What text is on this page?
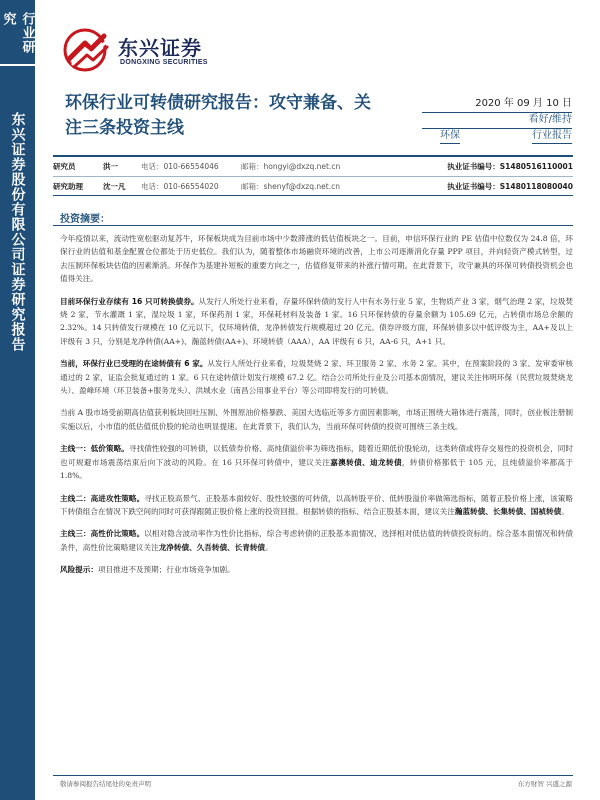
行业研究
东兴证券股份有限公司证券研究报告
东兴证券
DONGXING SECURITIES
环保行业可转债研究报告：攻守兼备、关注三条投资主线
2020 年 09 月 10 日
看好/维持
环保	行业报告
研究员	洪一	电话：010-66554046	邮箱：hongyi@dxzq.net.cn	执业证书编号：S1480516110001
研究助理	沈一凡	电话：010-66554020	邮箱：shenyf@dxzq.net.cn	执业证书编号：S1480118080040
投资摘要：

今年疫情以来，流动性宽松驱动复苏牛，环保板块成为目前市场中少数滞涨的低估值板块之一。目前，申信环保行业的 PE 估值中位数仅为 24.8 倍，环保行业的估值和基金配置仓位都处于历史低位。我们认为，随着整体市场融资环境的改善，上市公司逐渐消化存量 PPP 项目，并向轻资产模式转型，过去压制环保板块估值的因素渐消。环保作为基建补短板的重要方向之一，估值修复带来的补涨行情可期。在此背景下，攻守兼具的环保可转债投资机会也值得关注。

目前环保行业存续有 16 只可转换债券。从发行人所处行业来看，存量环保转债的发行人中有水务行业 5 家，生物质产业 3 家，烟气治理 2 家，垃圾焚烧 2 家，节水灌溉 1 家，湿垃圾 1 家，环保药剂 1 家，环保耗材料及装备 1 家。16 只环保转债的存量余额为 105.69 亿元，占转债市场总余额的 2.32%。14 只转债发行规模在 10 亿元以下，仅环境转债、龙净转债发行规模超过 20 亿元。债券评级方面，环保转债多以中低评级为主，AA+及以上评级有 3 只，分别是龙净转债(AA+)、瀚蓝转债(AA+)、环境转债（AAA），AA 评级有 6 只，AA-6 只，A+1 只。

当前，环保行业已受理的在途转债有 6 家。从发行人所处行业来看，垃圾焚烧 2 家、环卫服务 2 家、水务 2 家。其中，在预案阶段的 3 家、发审委审核通过的 2 家，证监会批复通过的 1 家。6 只在途转债计划发行规模 67.2 亿。结合公司所处行业及公司基本面情况，建议关注伟明环保（民营垃圾焚烧龙头）、盈峰环境（环卫装备+服务龙头）、洪城水业（南昌公用事业平台）等公司即将发行的可转债。

当前 A 股市场受前期高估值获利板块回吐压制、外围原油价格暴跌、美国大选临近等多方面因素影响，市场正围绕大箱体进行震荡，同时，创业板注册制实施以后，小市值的低估值低价股的轮动也明显提速。在此背景下，我们认为，当前环保可转债的投资可围绕三条主线。

主线一：低价策略。寻找债性较强的可转债，以低债券价格、高纯债溢价率为筛选指标，随着近期低价股轮动，这类转债或将存交易性的投资机会，同时也可规避市场震荡结束后向下波动的风险。在 16 只环保可转债中，建议关注嘉澳转债、迪龙转债，转债价格都低于 105 元，且纯债溢价率都高于 1.8%。

主线二：高进攻性策略。寻找正股高景气、正股基本面较好、股性较强的可转债，以高转股平价、低转股溢价率做筛选指标，随着正股价格上涨，该策略下转债组合在情况下跌空间的同时可获得跟随正股价格上涨的投资回报。根据转债的指标、结合正股基本面，建议关注瀚蓝转债、长集转债、国祯转债。

主线三：高性价比策略。以相对隐含波动率作为性价比指标，综合考虑转债的正股基本面情况，选择相对低估值的转债投资标的。综合基本面情况和转债条件，高性价比策略建议关注龙净转债、久吾转债、长青转债。

风险提示：项目推进不及预期；行业市场竞争加剧。

敬请参阅报告结尾处的免责声明	东方财智 兴盛之源
